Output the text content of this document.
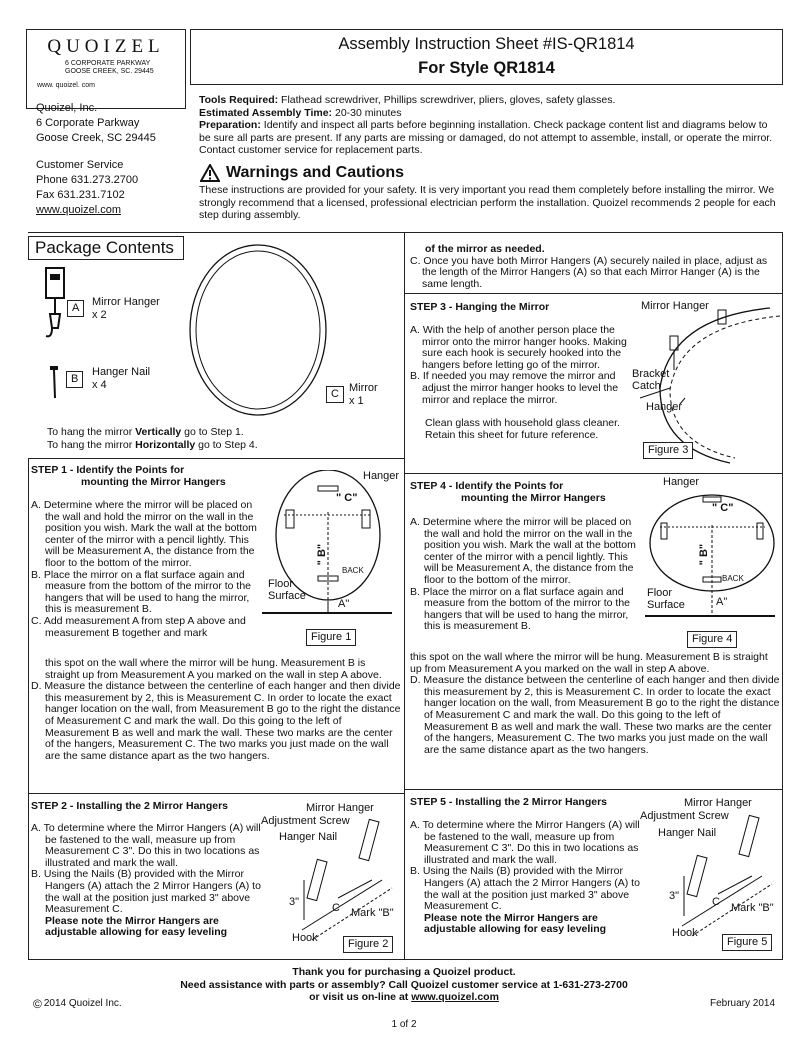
QUOIZEL
6 CORPORATE PARKWAY
GOOSE CREEK, SC. 29445
www. quoizel. com
Quoizel, Inc.
6 Corporate Parkway
Goose Creek, SC 29445
Customer Service
Phone 631.273.2700
Fax 631.231.7102
www.quoizel.com
Assembly Instruction Sheet #IS-QR1814
For Style QR1814
Tools Required: Flathead screwdriver, Phillips screwdriver, pliers, gloves, safety glasses.
Estimated Assembly Time: 20-30 minutes
Preparation: Identify and inspect all parts before beginning installation. Check package content list and diagrams below to be sure all parts are present. If any parts are missing or damaged, do not attempt to assemble, install, or operate the mirror. Contact customer service for replacement parts.
Warnings and Cautions
These instructions are provided for your safety. It is very important you read them completely before installing the mirror. We strongly recommend that a licensed, professional electrician perform the installation. Quoizel recommends 2 people for each step during assembly.
Package Contents
A	Mirror Hanger
x 2
B
Hanger Nail
x 4
C Mirror
x 1
To hang the mirror Vertically go to Step 1.
To hang the mirror Horizontally go to Step 4.
of the mirror as needed.
C. Once you have both Mirror Hangers (A) securely nailed in place, adjust as the length of the Mirror Hangers (A) so that each Mirror Hanger (A) is the same length.
STEP 3 - Hanging the Mirror
A. With the help of another person place the mirror onto the mirror hanger hooks. Making sure each hook is securely hooked into the hangers before letting go of the mirror.
B. If needed you may remove the mirror and adjust the mirror hanger hooks to level the mirror and replace the mirror.
Clean glass with household glass cleaner. Retain this sheet for future reference.
Mirror Hanger
Bracket
Catch
Hanger
Figure 3
STEP 1 - Identify the Points for
mounting the Mirror Hangers
A. Determine where the mirror will be placed on the wall and hold the mirror on the wall in the position you wish. Mark the wall at the bottom center of the mirror with a pencil lightly. This will be Measurement A, the distance from the floor to the bottom of the mirror.
B. Place the mirror on a flat surface again and measure from the bottom of the mirror to the hangers that will be used to hang the mirror, this is measurement B.
C. Add measurement A from step A above and measurement B together and mark
this spot on the wall where the mirror will be hung. Measurement B is straight up from Measurement A you marked on the wall in step A above.
D. Measure the distance between the centerline of each hanger and then divide this measurement by 2, this is Measurement C. In order to locate the exact hanger location on the wall, from Measurement B go to the right the distance of Measurement C and mark the wall. Do this going to the left of Measurement B as well and mark the wall. These two marks are the center of the hangers, Measurement C. The two marks you just made on the wall are the same distance apart as the two hangers.
Hanger
" C"
" B"
BACK
Floor
Surface
A"
Figure 1
STEP 4 - Identify the Points for
mounting the Mirror Hangers
A. Determine where the mirror will be placed on the wall and hold the mirror on the wall in the position you wish. Mark the wall at the bottom center of the mirror with a pencil lightly. This will be Measurement A, the distance from the floor to the bottom of the mirror.
B. Place the mirror on a flat surface again and measure from the bottom of the mirror to the hangers that will be used to hang the mirror, this is measurement B.
this spot on the wall where the mirror will be hung. Measurement B is straight up from Measurement A you marked on the wall in step A above.
D. Measure the distance between the centerline of each hanger and then divide this measurement by 2, this is Measurement C. In order to locate the exact hanger location on the wall, from Measurement B go to the right the distance of Measurement C and mark the wall. Do this going to the left of Measurement B as well and mark the wall. These two marks are the center of the hangers, Measurement C. The two marks you just made on the wall are the same distance apart as the two hangers.
Hanger
" C"
" B"
BACK
Floor
Surface	A"
Figure 4
STEP 2 - Installing the 2 Mirror Hangers
A. To determine where the Mirror Hangers (A) will be fastened to the wall, measure up from Measurement C 3". Do this in two locations as illustrated and mark the wall.
B. Using the Nails (B) provided with the Mirror Hangers (A) attach the 2 Mirror Hangers (A) to the wall at the position just marked 3" above Measurement C.
Please note the Mirror Hangers are adjustable allowing for easy leveling
Mirror Hanger
Adjustment Screw
Hanger Nail
3"	C Mark "B"
Hook	Figure 2
STEP 5 - Installing the 2 Mirror Hangers
A. To determine where the Mirror Hangers (A) will be fastened to the wall, measure up from Measurement C 3". Do this in two locations as illustrated and mark the wall.
B. Using the Nails (B) provided with the Mirror Hangers (A) attach the 2 Mirror Hangers (A) to the wall at the position just marked 3" above Measurement C.
Please note the Mirror Hangers are adjustable allowing for easy leveling
Mirror Hanger
Adjustment Screw
Hanger Nail
3"	C Mark "B"
Hook
Figure 5
Thank you for purchasing a Quoizel product.
Need assistance with parts or assembly? Call Quoizel customer service at 1-631-273-2700
or visit us on-line at www.quoizel.com
© 2014 Quoizel Inc.	February 2014
1 of 2
